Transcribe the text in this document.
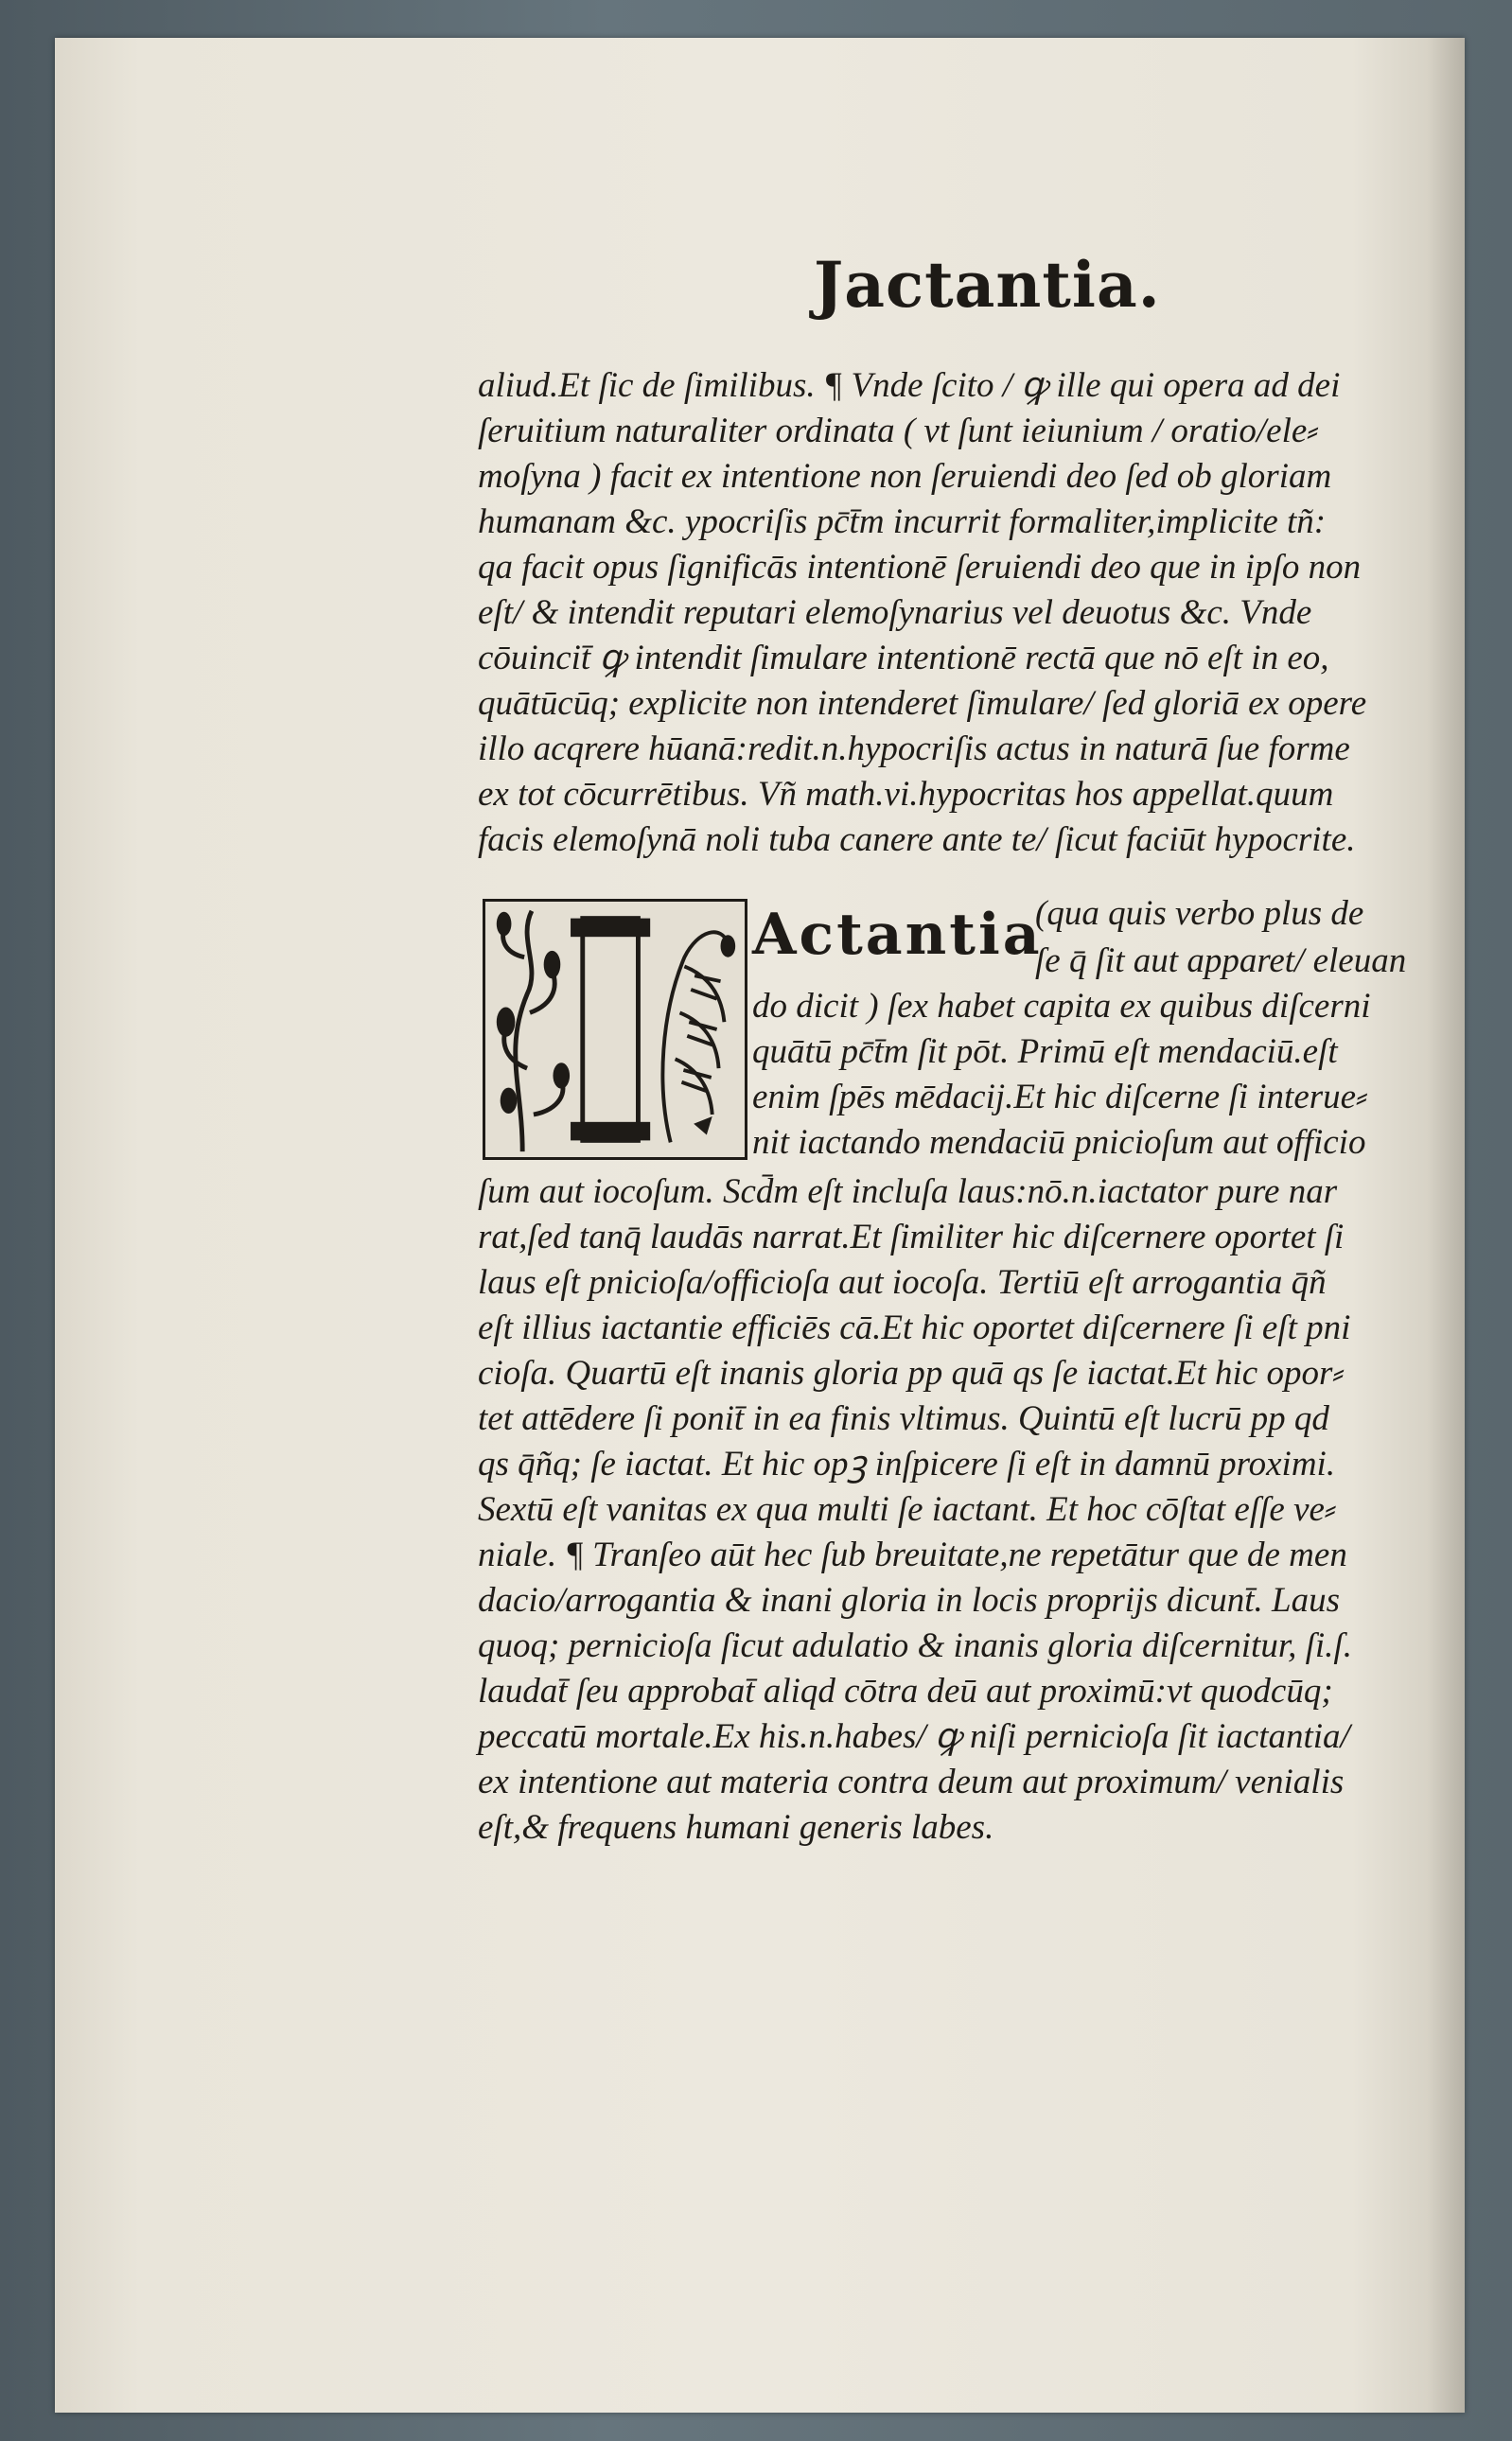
Jactantia.

aliud.Et ſic de ſimilibus. ¶ Vnde ſcito / ꝙ ille qui opera ad dei

ſeruitium naturaliter ordinata ( vt ſunt ieiunium / oratio/ele⸗

moſyna ) facit ex intentione non ſeruiendi deo ſed ob gloriam

humanam &c. ypocriſis pc̄t̄m incurrit formaliter,implicite tñ:

qa facit opus ſignificās intentionē ſeruiendi deo que in ipſo non

eſt/ & intendit reputari elemoſynarius vel deuotus &c. Vnde

cōuincit̄ ꝙ intendit ſimulare intentionē rectā que nō eſt in eo,

quātūcūq; explicite non intenderet ſimulare/ ſed gloriā ex opere

illo acqrere hūanā:redit.n.hypocriſis actus in naturā ſue forme

ex tot cōcurrētibus. Vñ math.vi.hypocritas hos appellat.quum

facis elemoſynā noli tuba canere ante te/ ſicut faciūt hypocrite.

Actantia
(qua quis verbo plus de

ſe q̄ ſit aut apparet/ eleuan

do dicit ) ſex habet capita ex quibus diſcerni

quātū pc̄t̄m ſit pōt. Primū eſt mendaciū.eſt

enim ſpēs mēdacij.Et hic diſcerne ſi interue⸗

nit iactando mendaciū pnicioſum aut officio

ſum aut iocoſum. Scd̄m eſt incluſa laus:nō.n.iactator pure nar

rat,ſed tanq̄ laudās narrat.Et ſimiliter hic diſcernere oportet ſi

laus eſt pnicioſa/officioſa aut iocoſa. Tertiū eſt arrogantia q̄ñ

eſt illius iactantie efficiēs cā.Et hic oportet diſcernere ſi eſt pni

cioſa. Quartū eſt inanis gloria pp quā qs ſe iactat.Et hic opor⸗

tet attēdere ſi ponit̄ in ea finis vltimus. Quintū eſt lucrū pp qd

qs q̄ñq; ſe iactat. Et hic opꝫ inſpicere ſi eſt in damnū proximi.

Sextū eſt vanitas ex qua multi ſe iactant. Et hoc cōſtat eſſe ve⸗

niale. ¶ Tranſeo aūt hec ſub breuitate,ne repetātur que de men

dacio/arrogantia & inani gloria in locis proprijs dicunt̄. Laus

quoq; pernicioſa ſicut adulatio & inanis gloria diſcernitur, ſi.ſ.

laudat̄ ſeu approbat̄ aliqd cōtra deū aut proximū:vt quodcūq;

peccatū mortale.Ex his.n.habes/ ꝙ niſi pernicioſa ſit iactantia/

ex intentione aut materia contra deum aut proximum/ venialis

eſt,& frequens humani generis labes.
